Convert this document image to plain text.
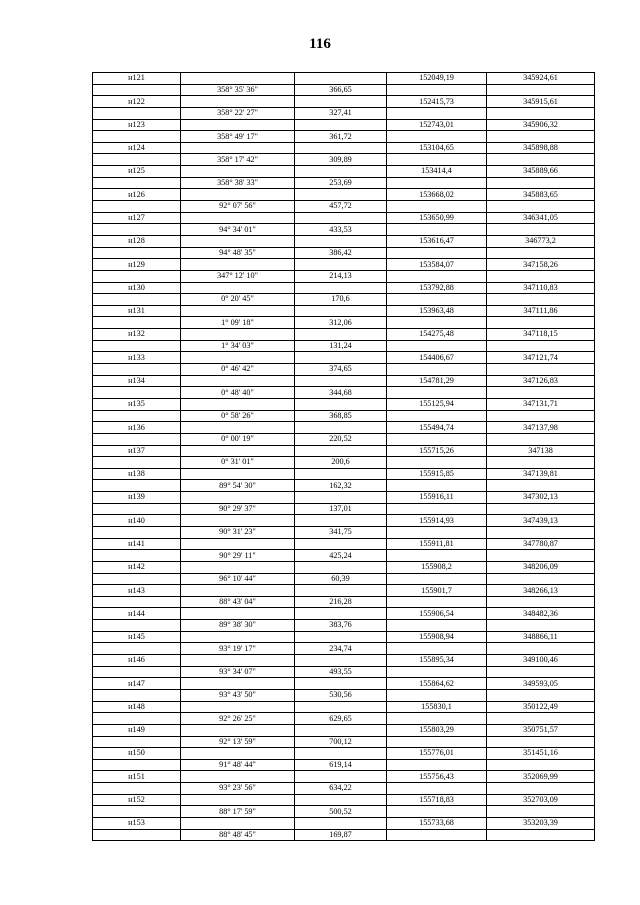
116
н121			152049,19	345924,61
	358° 35' 36"	366,65		
н122			152415,73	345915,61
	358° 22' 27"	327,41		
н123			152743,01	345906,32
	358° 49' 17"	361,72		
н124			153104,65	345898,88
	358° 17' 42"	309,89		
н125			153414,4	345889,66
	358° 38' 33"	253,69		
н126			153668,02	345883,65
	92° 07' 56"	457,72		
н127			153650,99	346341,05
	94° 34' 01"	433,53		
н128			153616,47	346773,2
	94° 48' 35"	386,42		
н129			153584,07	347158,26
	347° 12' 10"	214,13		
н130			153792,88	347110,83
	0° 20' 45"	170,6		
н131			153963,48	347111,86
	1° 09' 18"	312,06		
н132			154275,48	347118,15
	1° 34' 03"	131,24		
н133			154406,67	347121,74
	0° 46' 42"	374,65		
н134			154781,29	347126,83
	0° 48' 40"	344,68		
н135			155125,94	347131,71
	0° 58' 26"	368,85		
н136			155494,74	347137,98
	0° 00' 19"	220,52		
н137			155715,26	347138
	0° 31' 01"	200,6		
н138			155915,85	347139,81
	89° 54' 30"	162,32		
н139			155916,11	347302,13
	90° 29' 37"	137,01		
н140			155914,93	347439,13
	90° 31' 23"	341,75		
н141			155911,81	347780,87
	90° 29' 11"	425,24		
н142			155908,2	348206,09
	96° 10' 44"	60,39		
н143			155901,7	348266,13
	88° 43' 04"	216,28		
н144			155906,54	348482,36
	89° 38' 30"	383,76		
н145			155908,94	348866,11
	93° 19' 17"	234,74		
н146			155895,34	349100,46
	93° 34' 07"	493,55		
н147			155864,62	349593,05
	93° 43' 50"	530,56		
н148			155830,1	350122,49
	92° 26' 25"	629,65		
н149			155803,29	350751,57
	92° 13' 59"	700,12		
н150			155776,01	351451,16
	91° 48' 44"	619,14		
н151			155756,43	352069,99
	93° 23' 56"	634,22		
н152			155718,83	352703,09
	88° 17' 59"	500,52		
н153			155733,68	353203,39
	88° 48' 45"	169,87		
